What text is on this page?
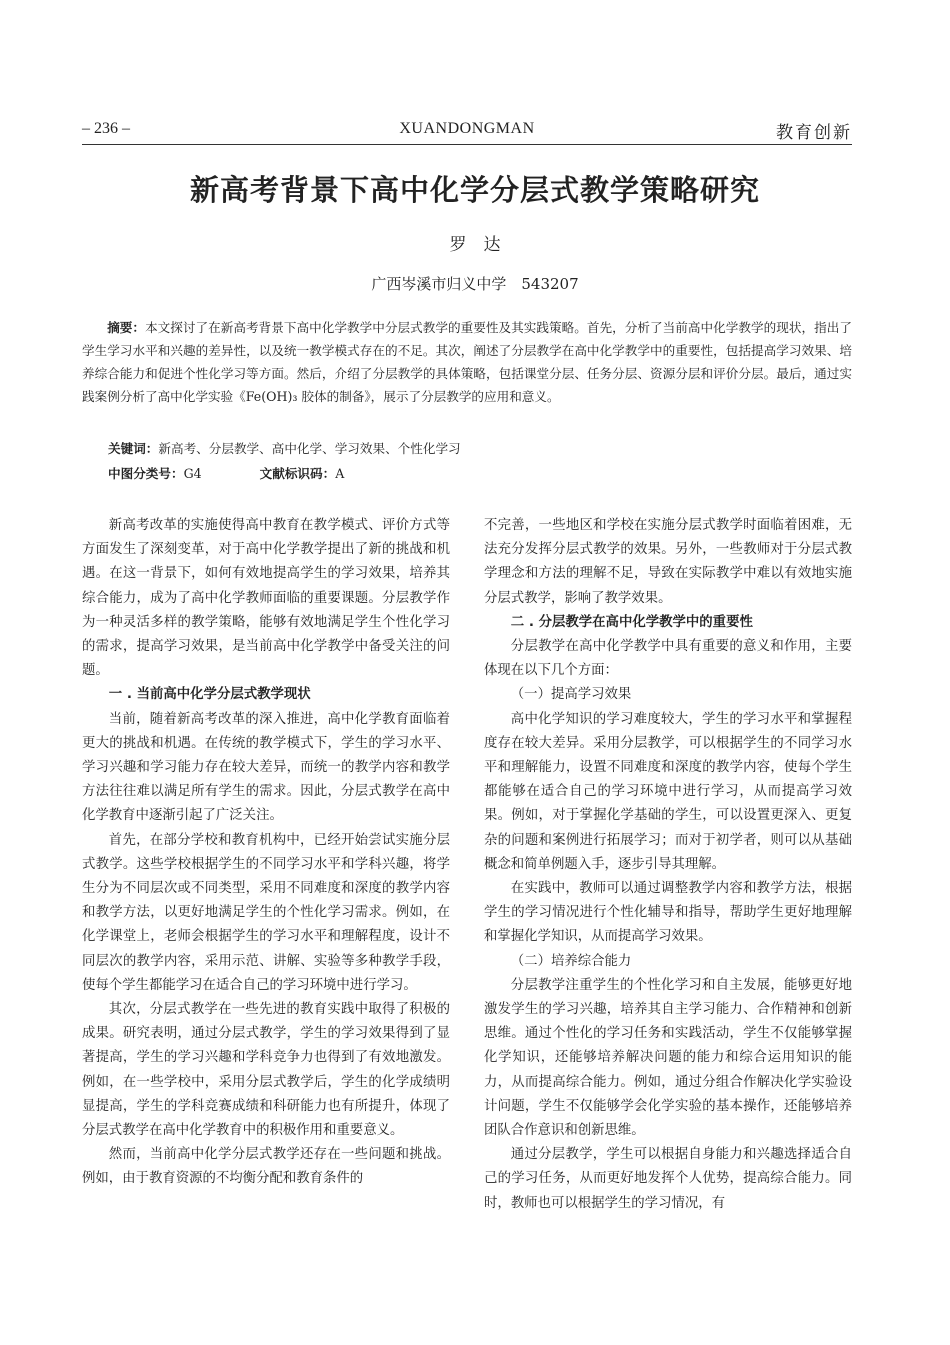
– 236 –	XUANDONGMAN	教育创新
新高考背景下高中化学分层式教学策略研究
罗　达
广西岑溪市归义中学　543207
摘要：本文探讨了在新高考背景下高中化学教学中分层式教学的重要性及其实践策略。首先，分析了当前高中化学教学的现状，指出了学生学习水平和兴趣的差异性，以及统一教学模式存在的不足。其次，阐述了分层教学在高中化学教学中的重要性，包括提高学习效果、培养综合能力和促进个性化学习等方面。然后，介绍了分层教学的具体策略，包括课堂分层、任务分层、资源分层和评价分层。最后，通过实践案例分析了高中化学实验《Fe(OH)₃ 胶体的制备》，展示了分层教学的应用和意义。
关键词：新高考、分层教学、高中化学、学习效果、个性化学习
中图分类号：G4	文献标识码：A

新高考改革的实施使得高中教育在教学模式、评价方式等方面发生了深刻变革，对于高中化学教学提出了新的挑战和机遇。在这一背景下，如何有效地提高学生的学习效果，培养其综合能力，成为了高中化学教师面临的重要课题。分层教学作为一种灵活多样的教学策略，能够有效地满足学生个性化学习的需求，提高学习效果，是当前高中化学教学中备受关注的问题。

一 . 当前高中化学分层式教学现状

当前，随着新高考改革的深入推进，高中化学教育面临着更大的挑战和机遇。在传统的教学模式下，学生的学习水平、学习兴趣和学习能力存在较大差异，而统一的教学内容和教学方法往往难以满足所有学生的需求。因此，分层式教学在高中化学教育中逐渐引起了广泛关注。

首先，在部分学校和教育机构中，已经开始尝试实施分层式教学。这些学校根据学生的不同学习水平和学科兴趣，将学生分为不同层次或不同类型，采用不同难度和深度的教学内容和教学方法，以更好地满足学生的个性化学习需求。例如，在化学课堂上，老师会根据学生的学习水平和理解程度，设计不同层次的教学内容，采用示范、讲解、实验等多种教学手段，使每个学生都能学习在适合自己的学习环境中进行学习。

其次，分层式教学在一些先进的教育实践中取得了积极的成果。研究表明，通过分层式教学，学生的学习效果得到了显著提高，学生的学习兴趣和学科竞争力也得到了有效地激发。例如，在一些学校中，采用分层式教学后，学生的化学成绩明显提高，学生的学科竞赛成绩和科研能力也有所提升，体现了分层式教学在高中化学教育中的积极作用和重要意义。

然而，当前高中化学分层式教学还存在一些问题和挑战。例如，由于教育资源的不均衡分配和教育条件的

不完善，一些地区和学校在实施分层式教学时面临着困难，无法充分发挥分层式教学的效果。另外，一些教师对于分层式教学理念和方法的理解不足，导致在实际教学中难以有效地实施分层式教学，影响了教学效果。

二 . 分层教学在高中化学教学中的重要性

分层教学在高中化学教学中具有重要的意义和作用，主要体现在以下几个方面：

（一）提高学习效果

高中化学知识的学习难度较大，学生的学习水平和掌握程度存在较大差异。采用分层教学，可以根据学生的不同学习水平和理解能力，设置不同难度和深度的教学内容，使每个学生都能够在适合自己的学习环境中进行学习，从而提高学习效果。例如，对于掌握化学基础的学生，可以设置更深入、更复杂的问题和案例进行拓展学习；而对于初学者，则可以从基础概念和简单例题入手，逐步引导其理解。

在实践中，教师可以通过调整教学内容和教学方法，根据学生的学习情况进行个性化辅导和指导，帮助学生更好地理解和掌握化学知识，从而提高学习效果。

（二）培养综合能力

分层教学注重学生的个性化学习和自主发展，能够更好地激发学生的学习兴趣，培养其自主学习能力、合作精神和创新思维。通过个性化的学习任务和实践活动，学生不仅能够掌握化学知识，还能够培养解决问题的能力和综合运用知识的能力，从而提高综合能力。例如，通过分组合作解决化学实验设计问题，学生不仅能够学会化学实验的基本操作，还能够培养团队合作意识和创新思维。

通过分层教学，学生可以根据自身能力和兴趣选择适合自己的学习任务，从而更好地发挥个人优势，提高综合能力。同时，教师也可以根据学生的学习情况，有
